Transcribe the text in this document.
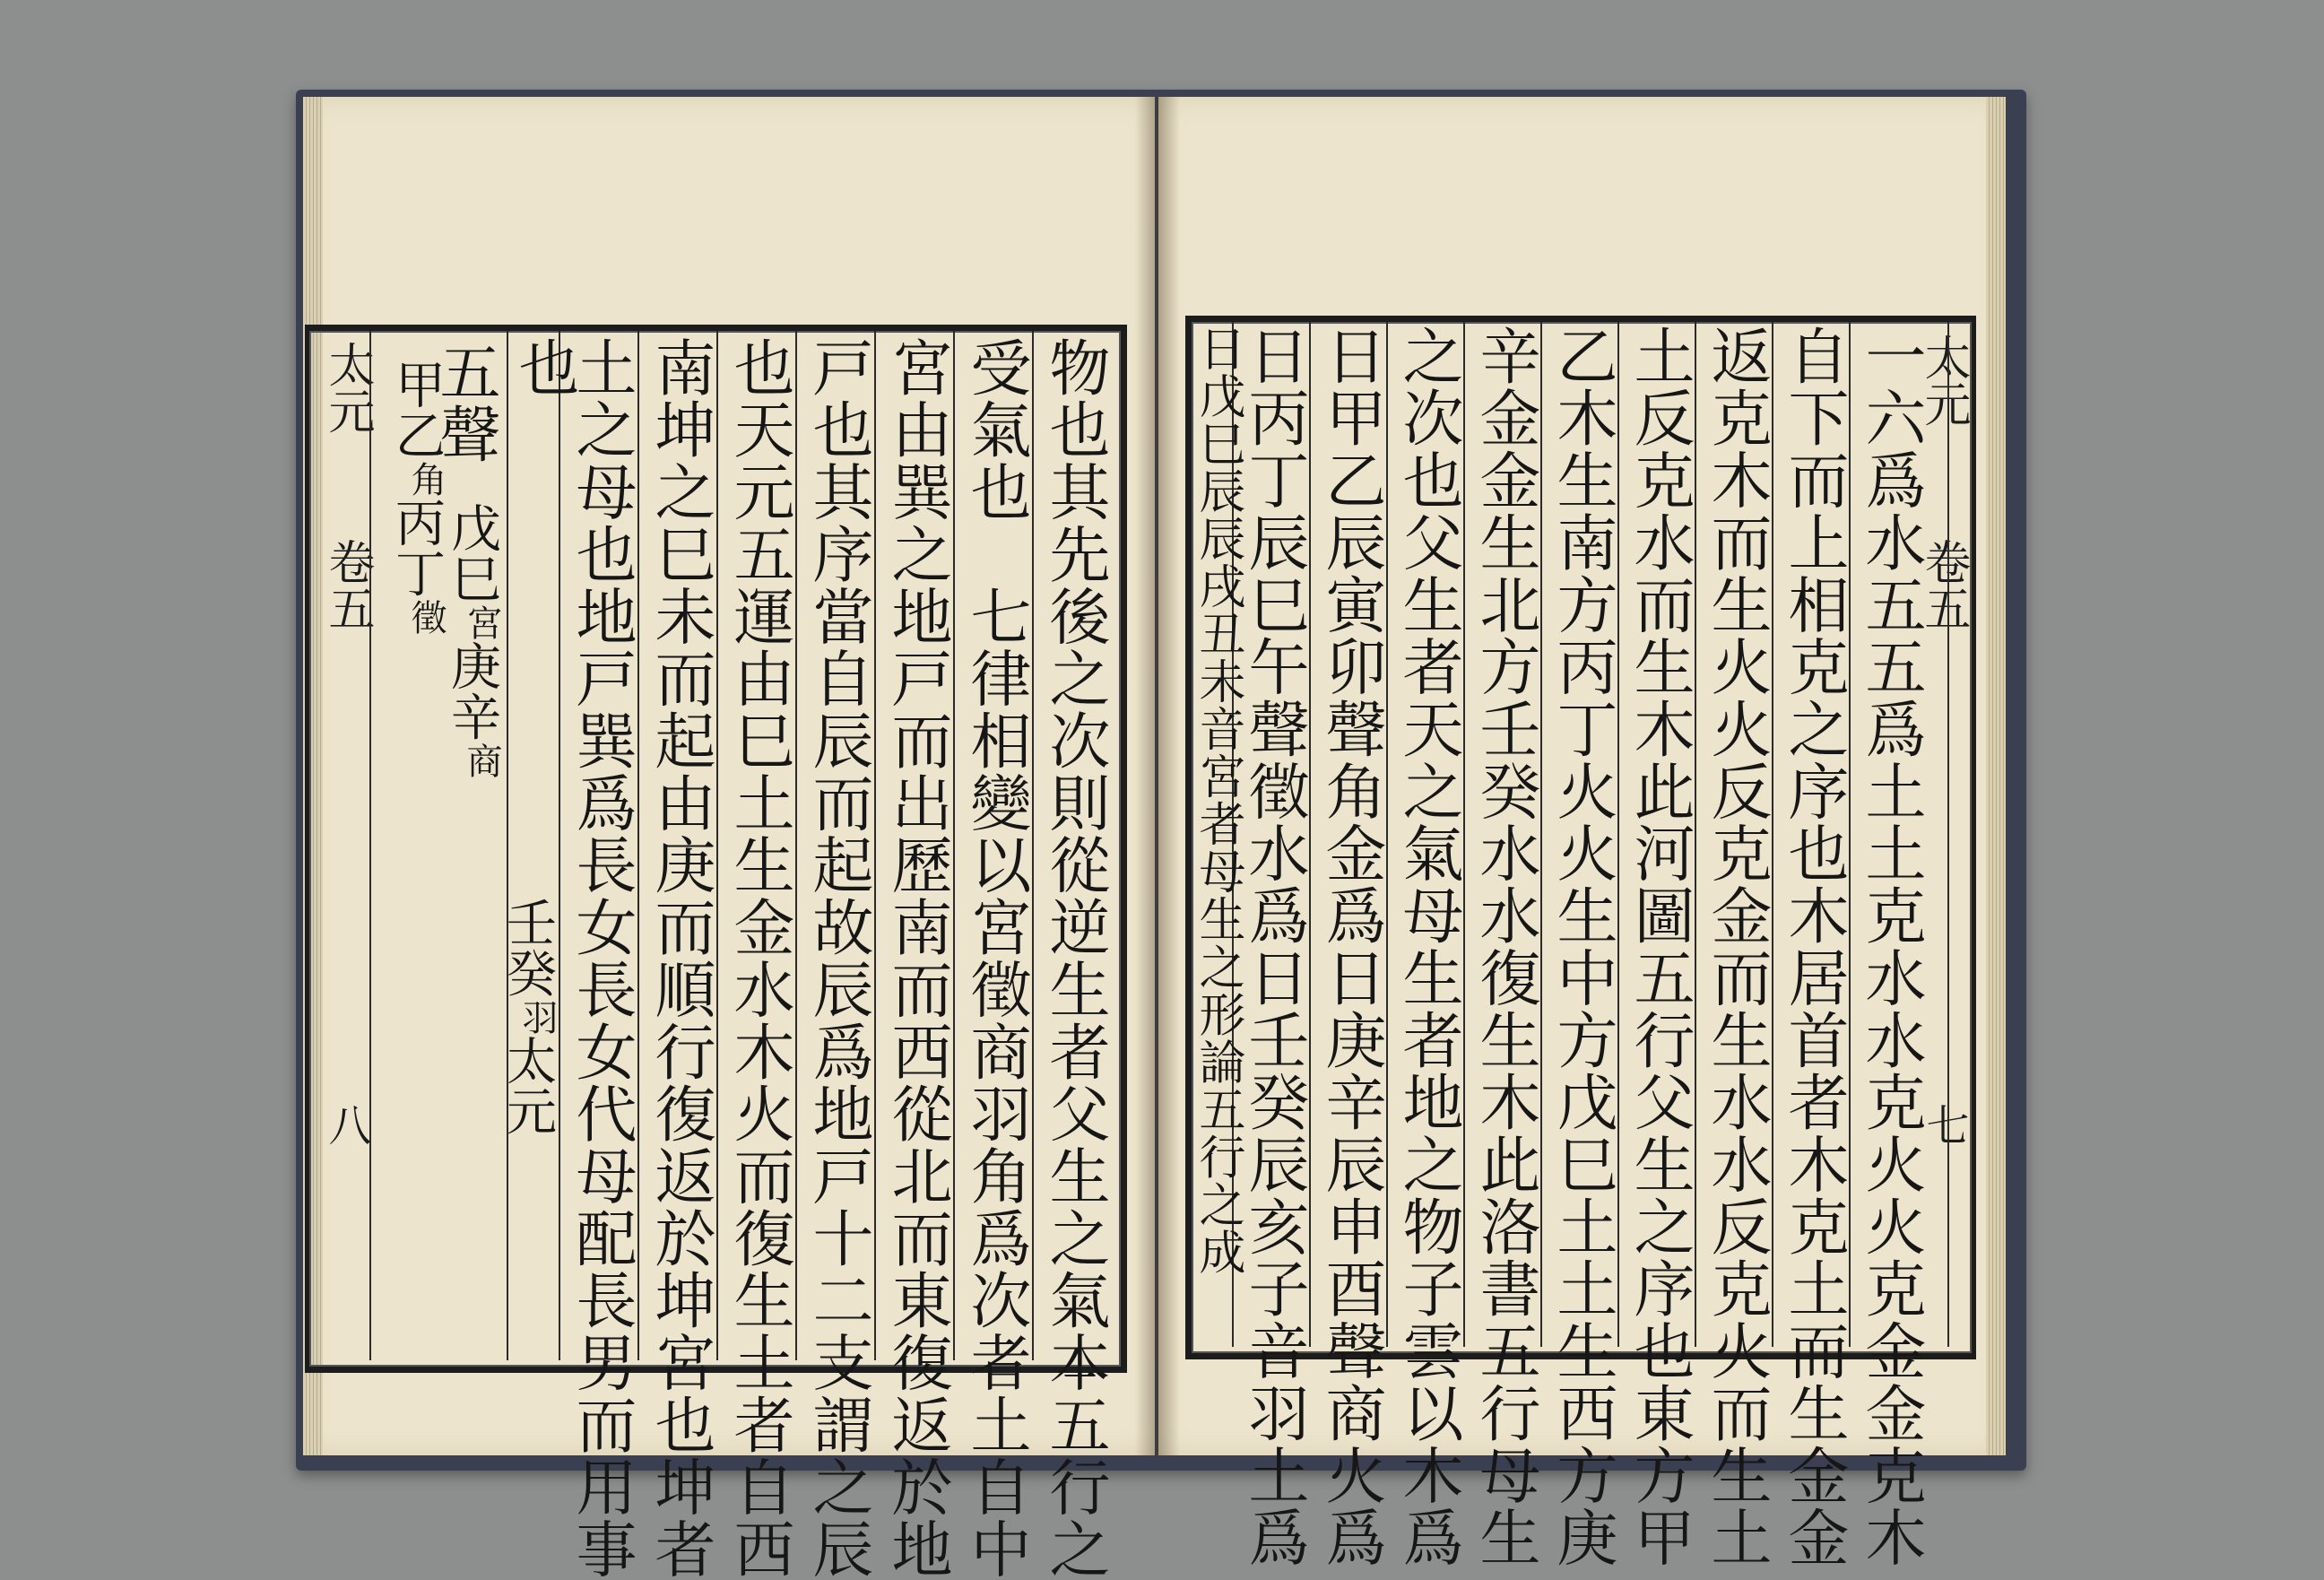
太元
卷五
八
甲乙
角
丙丁
徵
戊巳
宮
庚辛
商
壬癸
羽
太元
五聲	物也其先後之次則從逆生者父生之氣本五行之
受氣也　七律相變以宮徵商羽角爲次者土自中
宮由巽之地戸而出歷南而西從北而東復返於地
戸也其序當自辰而起故辰爲地戸十二支謂之辰
也天元五運由巳土生金水木火而復生土者自西
南坤之巳未而起由庚而順行復返於坤宮也坤者
土之母也地戸巽爲長女長女代母配長男而用事
也	太元
卷五
七
一六爲水五五爲土土克水水克火火克金金克木
自下而上相克之序也木居首者木克土而生金金
返克木而生火火反克金而生水水反克火而生土
土反克水而生木此河圖五行父生之序也東方甲
乙木生南方丙丁火火生中方戊巳土土生西方庚
辛金金生北方壬癸水水復生木此洛書五行母生
之次也父生者天之氣母生者地之物子雲以木爲
日甲乙辰寅卯聲角金爲日庚辛辰申酉聲商火爲
日丙丁辰巳午聲徵水爲日壬癸辰亥子音羽土爲
日戊巳辰辰戌丑未音宮者母生之形論五行之成
